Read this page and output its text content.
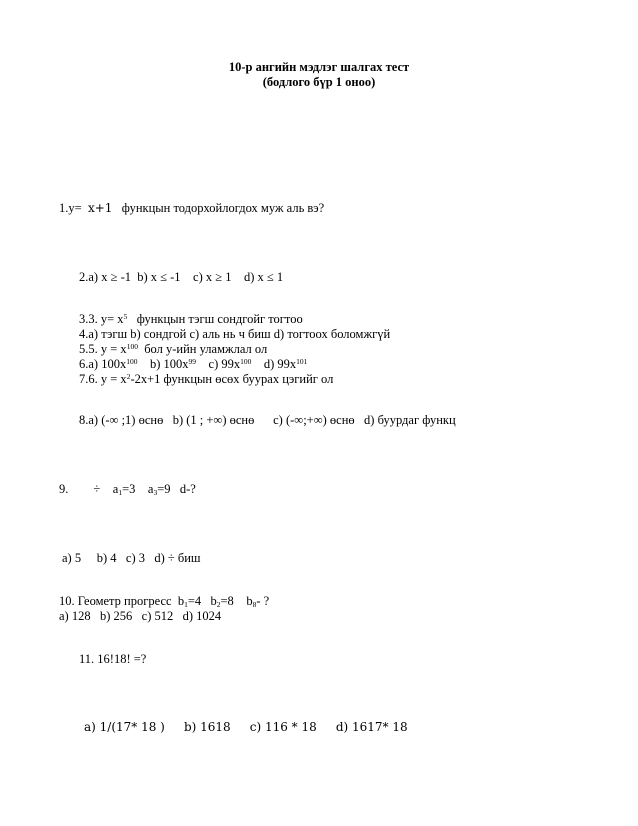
10-р ангийн мэдлэг шалгах тест
(бодлого бүр 1 оноо)
1.y= x+1 функцын тодорхойлогдох муж аль вэ?
2.a) x ≥ -1 b) x ≤ -1 c) x ≥ 1 d) x ≤ 1
3.3. $y= x^5$ функцын тэгш сондгойг тогтоо
4.a) тэгш b) сондгой c) аль нь ч биш d) тогтоох боломжгүй
5.5. $y = x^{100}$ бол y-ийн уламжлал ол
6.a) $100x^{100}$ b) $100x^{99}$ c) $99x^{100}$ d) $99x^{101}$
7.6. $y = x^2-2x+1$ функцын өсөх буурах цэгийг ол
8.a) (-∞ ;1) өснө b) (1 ; +∞) өснө c) (-∞;+∞) өснө d) буурдаг функц
9. ÷ $a_1=3$ $a_3=9$ d-?
a) 5 b) 4 c) 3 d) ÷ биш
10. Геометр прогресс $b_1=4$ $b_2=8$ $b_8-$ ?
a) 128 b) 256 c) 512 d) 1024
11. 16!18! =?
a) 1/(17* 18 ) b) 1618 c) 116 * 18 d) 1617* 18
